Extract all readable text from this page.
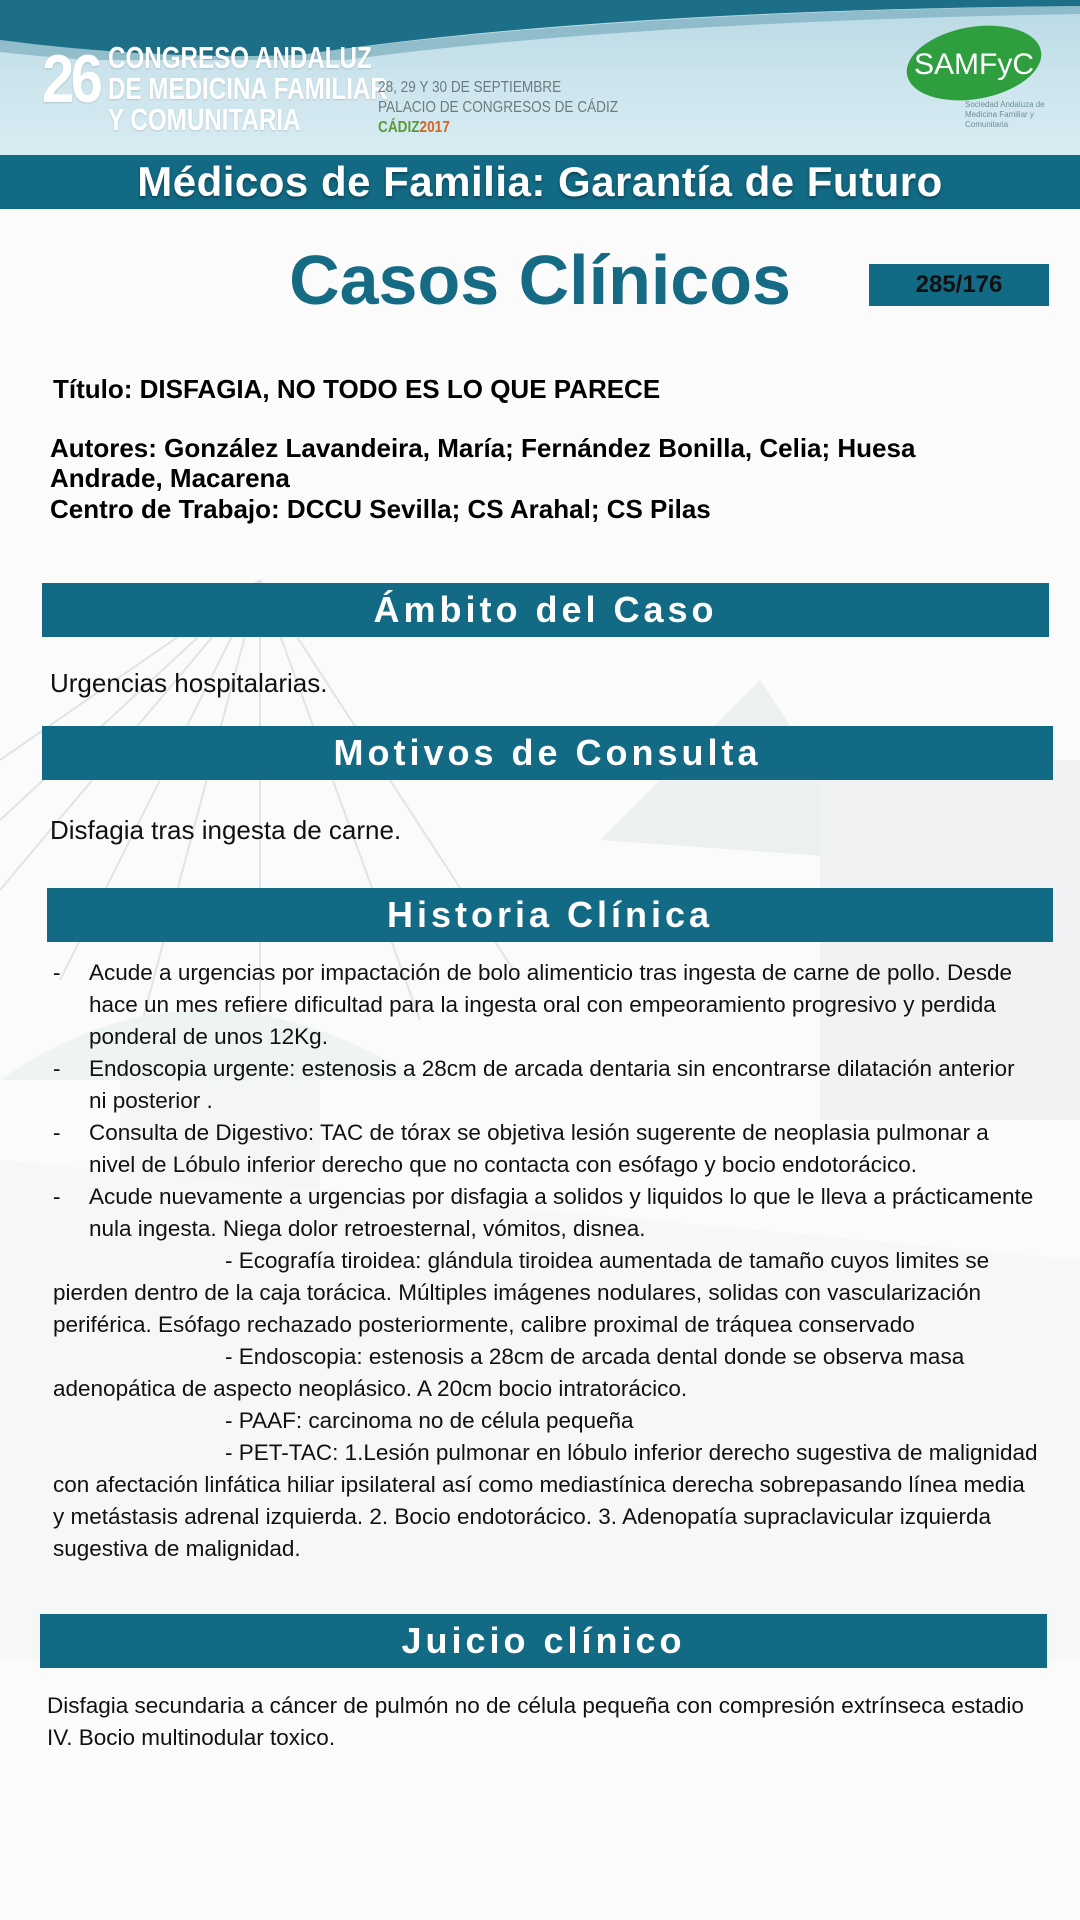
26 CONGRESO ANDALUZ
DE MEDICINA FAMILIAR
Y COMUNITARIA
28, 29 Y 30 DE SEPTIEMBRE
PALACIO DE CONGRESOS DE CÁDIZ
CÁDIZ2017
SAMFyC
Sociedad Andaluza de Medicina Familiar y Comunitaria
Médicos de Familia: Garantía de Futuro
Casos Clínicos	285/176
Título: DISFAGIA, NO TODO ES LO QUE PARECE
Autores: González Lavandeira, María; Fernández Bonilla, Celia; Huesa Andrade, Macarena
Centro de Trabajo: DCCU Sevilla; CS Arahal; CS Pilas
Ámbito del Caso
Urgencias hospitalarias.
Motivos de Consulta
Disfagia tras ingesta de carne.
Historia Clínica
- Acude a urgencias por impactación de bolo alimenticio tras ingesta de carne de pollo. Desde hace un mes refiere dificultad para la ingesta oral con empeoramiento progresivo y perdida ponderal de unos 12Kg.
- Endoscopia urgente: estenosis a 28cm de arcada dentaria sin encontrarse dilatación anterior ni posterior .
- Consulta de Digestivo: TAC de tórax se objetiva lesión sugerente de neoplasia pulmonar a nivel de Lóbulo inferior derecho que no contacta con esófago y bocio endotorácico.
- Acude nuevamente a urgencias por disfagia a solidos y liquidos lo que le lleva a prácticamente nula ingesta. Niega dolor retroesternal, vómitos, disnea.

- Ecografía tiroidea: glándula tiroidea aumentada de tamaño cuyos limites se pierden dentro de la caja torácica. Múltiples imágenes nodulares, solidas con vascularización periférica. Esófago rechazado posteriormente, calibre proximal de tráquea conservado

- Endoscopia: estenosis a 28cm de arcada dental donde se observa masa adenopática de aspecto neoplásico. A 20cm bocio intratorácico.

- PAAF: carcinoma no de célula pequeña

- PET-TAC: 1.Lesión pulmonar en lóbulo inferior derecho sugestiva de malignidad con afectación linfática hiliar ipsilateral así como mediastínica derecha sobrepasando línea media y metástasis adrenal izquierda. 2. Bocio endotorácico. 3. Adenopatía supraclavicular izquierda sugestiva de malignidad.

Juicio clínico
Disfagia secundaria a cáncer de pulmón no de célula pequeña con compresión extrínseca estadio IV. Bocio multinodular toxico.
